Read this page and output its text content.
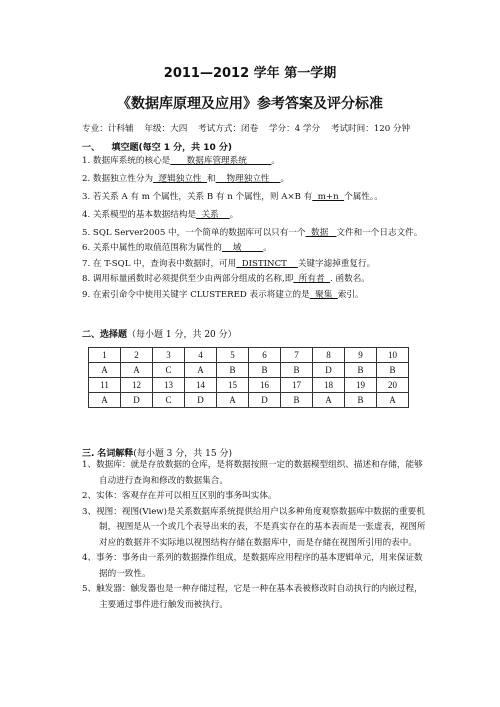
2011—2012 学年 第一学期
《数据库原理及应用》参考答案及评分标准
专业：计科辅 年级：大四 考试方式：闭卷 学分：4 学分 考试时间：120 分钟
一、 填空题(每空 1 分，共 10 分)
1. 数据库系统的核心是      数据库管理系统         。
2. 数据独立性分为  逻辑独立性  和    物理独立性    。
3. 若关系 A 有 m 个属性，关系 B 有 n 个属性，则 A×B 有  m+n  个属性。。
4. 关系模型的基本数据结构是  关系    。
5. SQL Server2005 中，一个简单的数据库可以只有一个  数据   文件和一个日志文件。
6. 关系中属性的取值范围称为属性的    域        。
7. 在 T-SQL 中，查询表中数据时，可用  DISTINCT    关键字滤掉重复行。
8. 调用标量函数时必须提供至少由两部分组成的名称,即  所有者  . 函数名。
9. 在索引命令中使用关键字 CLUSTERED 表示将建立的是  聚集  索引。
二、选择题（每小题 1 分，共 20 分）
1	2	3	4	5	6	7	8	9	10
A	A	C	A	B	B	B	D	B	B
11	12	13	14	15	16	17	18	19	20
A	D	C	D	A	D	B	A	B	A
三. 名词解释(每小题 3 分，共 15 分)
1、数据库：就是存放数据的仓库，是将数据按照一定的数据模型组织、描述和存储，能够
自动进行查询和修改的数据集合。
2、实体：客观存在并可以相互区别的事务叫实体。
3、视图：视图(View)是关系数据库系统提供给用户以多种角度观察数据库中数据的重要机
制，视图是从一个或几个表导出来的表，不是真实存在的基本表而是一张虚表，视图所
对应的数据并不实际地以视图结构存储在数据库中，而是存储在视图所引用的表中。
4、事务：事务由一系列的数据操作组成，是数据库应用程序的基本逻辑单元，用来保证数
据的一致性。
5、触发器：触发器也是一种存储过程，它是一种在基本表被修改时自动执行的内嵌过程，
主要通过事件进行触发而被执行。
